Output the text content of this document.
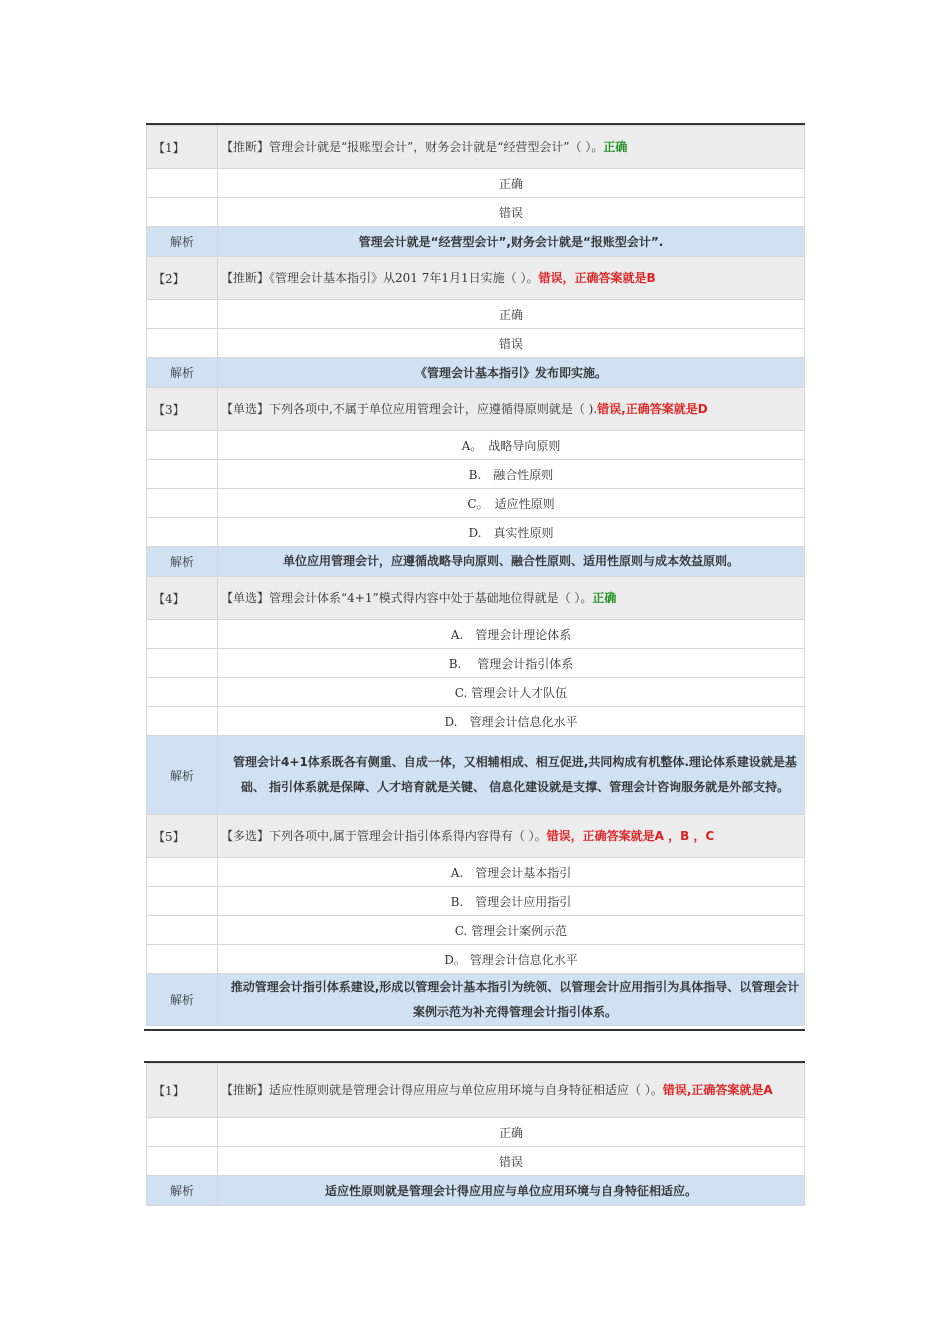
【1】	【推断】管理会计就是“报账型会计”，财务会计就是“经营型会计”（ ）。正确
	正确
	错误
解析	管理会计就是“经营型会计”,财务会计就是“报账型会计”.
【2】	【推断】《管理会计基本指引》从201 7年1月1日实施（ ）。错误，正确答案就是B
	正确
	错误
解析	《管理会计基本指引》发布即实施。
【3】	【单选】下列各项中,不属于单位应用管理会计，应遵循得原则就是（ ).错误,正确答案就是D
	A。　战略导向原则
	B.　融合性原则
	C。　适应性原则
	D.　真实性原则
解析	单位应用管理会计，应遵循战略导向原则、融合性原则、适用性原则与成本效益原则。
【4】	【单选】管理会计体系“4+1”模式得内容中处于基础地位得就是（ ）。正确
	A.　管理会计理论体系
	B.　 管理会计指引体系
	C. 管理会计人才队伍
	D.　管理会计信息化水平
解析	管理会计4+1体系既各有侧重、自成一体，又相辅相成、相互促进,共同构成有机整体.理论体系建设就是基础、 指引体系就是保障、人才培育就是关键、 信息化建设就是支撑、管理会计咨询服务就是外部支持。
【5】	【多选】下列各项中,属于管理会计指引体系得内容得有（ ）。错误，正确答案就是A ，B ，C
	A.　管理会计基本指引
	B.　管理会计应用指引
	C. 管理会计案例示范
	D。 管理会计信息化水平
解析	推动管理会计指引体系建设,形成以管理会计基本指引为统领、以管理会计应用指引为具体指导、以管理会计案例示范为补充得管理会计指引体系。
【1】	【推断】适应性原则就是管理会计得应用应与单位应用环境与自身特征相适应（ ）。错误,正确答案就是A
	正确
	错误
解析	适应性原则就是管理会计得应用应与单位应用环境与自身特征相适应。
